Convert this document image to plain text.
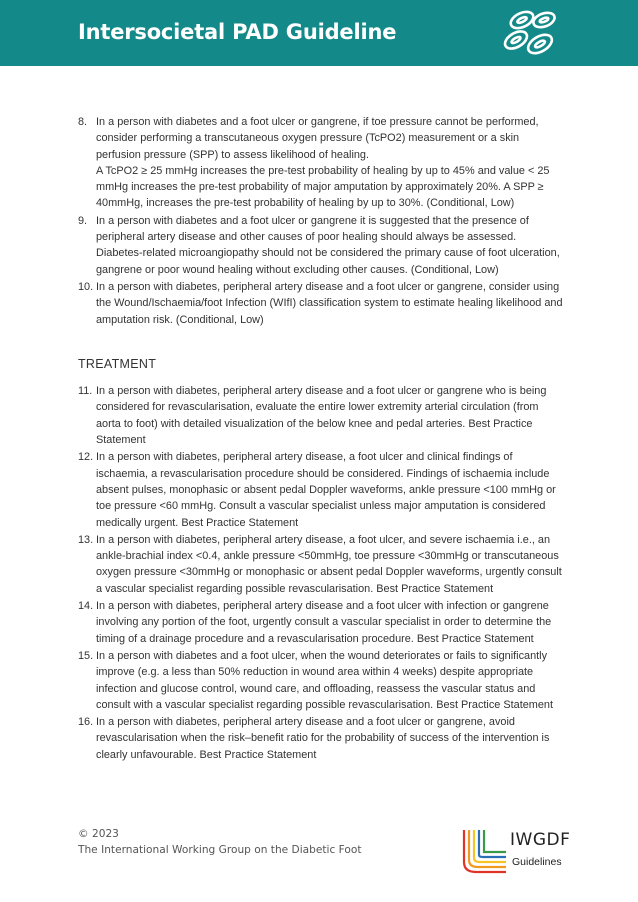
Intersocietal PAD Guideline
8. In a person with diabetes and a foot ulcer or gangrene, if toe pressure cannot be performed, consider performing a transcutaneous oxygen pressure (TcPO2) measurement or a skin perfusion pressure (SPP) to assess likelihood of healing.
A TcPO2 ≥ 25 mmHg increases the pre-test probability of healing by up to 45% and value < 25 mmHg increases the pre-test probability of major amputation by approximately 20%. A SPP ≥ 40mmHg, increases the pre-test probability of healing by up to 30%. (Conditional, Low)
9. In a person with diabetes and a foot ulcer or gangrene it is suggested that the presence of peripheral artery disease and other causes of poor healing should always be assessed. Diabetes-related microangiopathy should not be considered the primary cause of foot ulceration, gangrene or poor wound healing without excluding other causes. (Conditional, Low)
10. In a person with diabetes, peripheral artery disease and a foot ulcer or gangrene, consider using the Wound/Ischaemia/foot Infection (WIfI) classification system to estimate healing likelihood and amputation risk. (Conditional, Low)
TREATMENT
11. In a person with diabetes, peripheral artery disease and a foot ulcer or gangrene who is being considered for revascularisation, evaluate the entire lower extremity arterial circulation (from aorta to foot) with detailed visualization of the below knee and pedal arteries. Best Practice Statement
12. In a person with diabetes, peripheral artery disease, a foot ulcer and clinical findings of ischaemia, a revascularisation procedure should be considered. Findings of ischaemia include absent pulses, monophasic or absent pedal Doppler waveforms, ankle pressure <100 mmHg or toe pressure <60 mmHg. Consult a vascular specialist unless major amputation is considered medically urgent. Best Practice Statement
13. In a person with diabetes, peripheral artery disease, a foot ulcer, and severe ischaemia i.e., an ankle-brachial index <0.4, ankle pressure <50mmHg, toe pressure <30mmHg or transcutaneous oxygen pressure <30mmHg or monophasic or absent pedal Doppler waveforms, urgently consult a vascular specialist regarding possible revascularisation. Best Practice Statement
14. In a person with diabetes, peripheral artery disease and a foot ulcer with infection or gangrene involving any portion of the foot, urgently consult a vascular specialist in order to determine the timing of a drainage procedure and a revascularisation procedure. Best Practice Statement
15. In a person with diabetes and a foot ulcer, when the wound deteriorates or fails to significantly improve (e.g. a less than 50% reduction in wound area within 4 weeks) despite appropriate infection and glucose control, wound care, and offloading, reassess the vascular status and consult with a vascular specialist regarding possible revascularisation. Best Practice Statement
16. In a person with diabetes, peripheral artery disease and a foot ulcer or gangrene, avoid revascularisation when the risk–benefit ratio for the probability of success of the intervention is clearly unfavourable. Best Practice Statement
© 2023
The International Working Group on the Diabetic Foot	IWGDF
Guidelines
